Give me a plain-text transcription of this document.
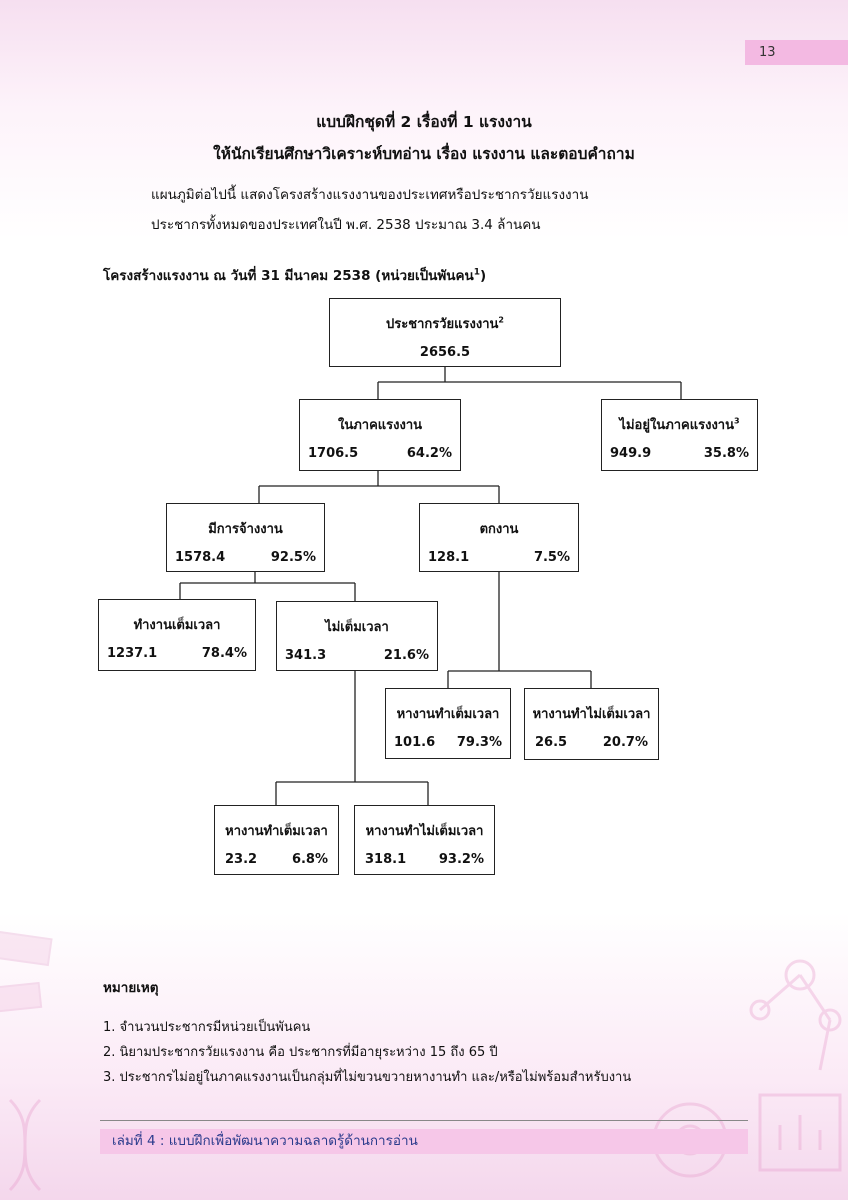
13
แบบฝึกชุดที่ 2 เรื่องที่ 1 แรงงาน
ให้นักเรียนศึกษาวิเคราะห์บทอ่าน เรื่อง แรงงาน และตอบคำถาม
แผนภูมิต่อไปนี้ แสดงโครงสร้างแรงงานของประเทศหรือประชากรวัยแรงงาน
ประชากรทั้งหมดของประเทศในปี พ.ศ. 2538 ประมาณ 3.4 ล้านคน
โครงสร้างแรงงาน ณ วันที่ 31 มีนาคม 2538 (หน่วยเป็นพันคน$^1$)
ประชากรวัยแรงงาน$^2$
2656.5
ในภาคแรงงาน
1706.5	64.2%
ไม่อยู่ในภาคแรงงาน$^3$
949.9	35.8%
มีการจ้างงาน
1578.4	92.5%
ตกงาน
128.1	7.5%
ทำงานเต็มเวลา
1237.1	78.4%
ไม่เต็มเวลา
341.3	21.6%
หางานทำเต็มเวลา
101.6 79.3%
หางานทำไม่เต็มเวลา
26.5	20.7%
หางานทำเต็มเวลา
23.2	6.8%
หางานทำไม่เต็มเวลา
318.1	93.2%
หมายเหตุ
1. จำนวนประชากรมีหน่วยเป็นพันคน
2. นิยามประชากรวัยแรงงาน คือ ประชากรที่มีอายุระหว่าง 15 ถึง 65 ปี
3. ประชากรไม่อยู่ในภาคแรงงานเป็นกลุ่มที่ไม่ขวนขวายหางานทำ และ/หรือไม่พร้อมสำหรับงาน
เล่มที่ 4 : แบบฝึกเพื่อพัฒนาความฉลาดรู้ด้านการอ่าน
